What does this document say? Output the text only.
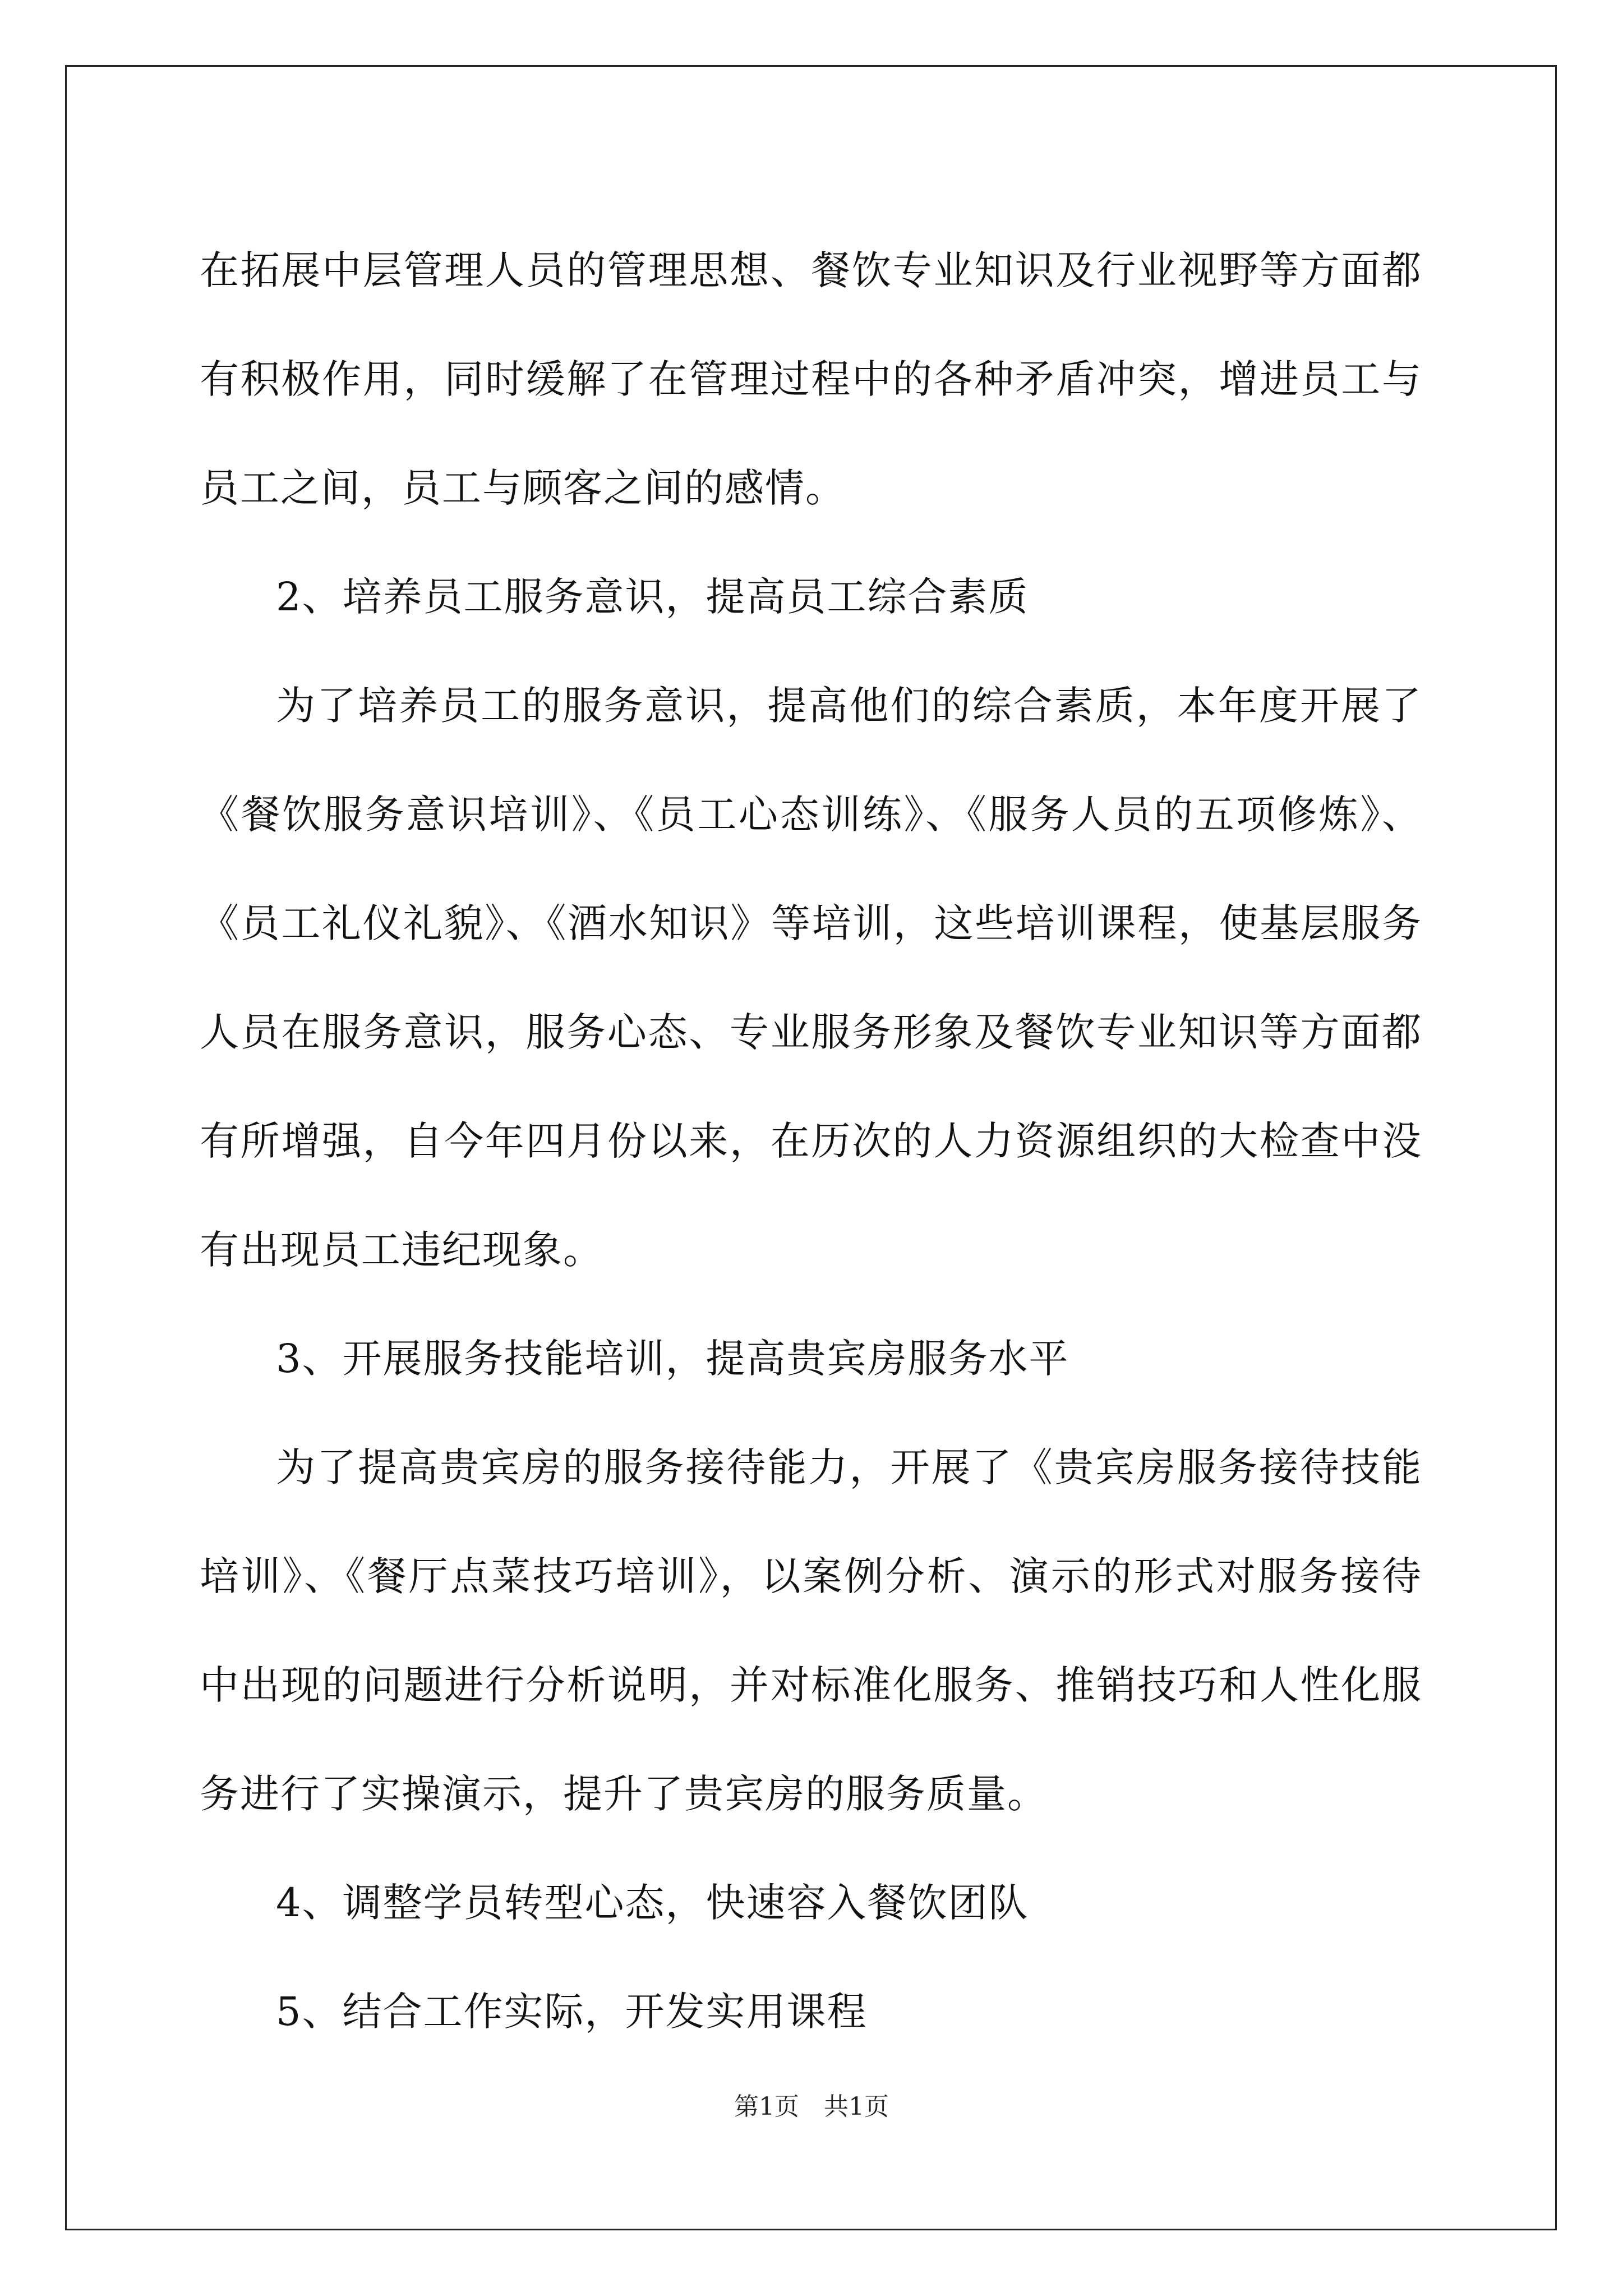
在拓展中层管理人员的管理思想、餐饮专业知识及行业视野等方面都有积极作用，同时缓解了在管理过程中的各种矛盾冲突，增进员工与员工之间，员工与顾客之间的感情。

2、培养员工服务意识，提高员工综合素质

为了培养员工的服务意识，提高他们的综合素质，本年度开展了《餐饮服务意识培训》、《员工心态训练》、《服务人员的五项修炼》、《员工礼仪礼貌》、《酒水知识》等培训，这些培训课程，使基层服务人员在服务意识，服务心态、专业服务形象及餐饮专业知识等方面都有所增强，自今年四月份以来，在历次的人力资源组织的大检查中没有出现员工违纪现象。

3、开展服务技能培训，提高贵宾房服务水平

为了提高贵宾房的服务接待能力，开展了《贵宾房服务接待技能培训》、《餐厅点菜技巧培训》，以案例分析、演示的形式对服务接待中出现的问题进行分析说明，并对标准化服务、推销技巧和人性化服务进行了实操演示，提升了贵宾房的服务质量。

4、调整学员转型心态，快速容入餐饮团队

5、结合工作实际，开发实用课程

第1页　共1页
